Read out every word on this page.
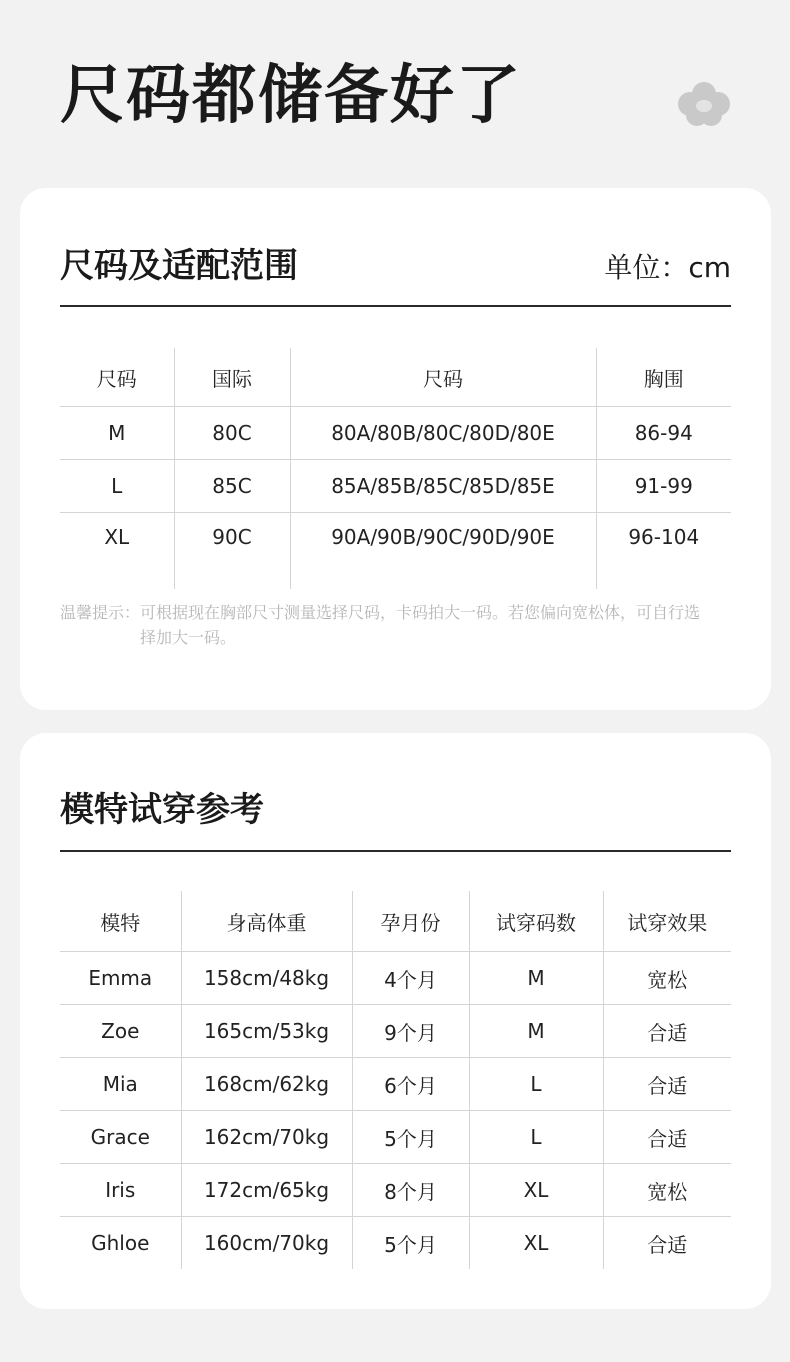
尺码都储备好了
尺码及适配范围	单位：cm
尺码	国际	尺码	胸围
M	80C	80A/80B/80C/80D/80E	86-94
L	85C	85A/85B/85C/85D/85E	91-99
XL	90C	90A/90B/90C/90D/90E	96-104
温馨提示：可根据现在胸部尺寸测量选择尺码，卡码拍大一码。若您偏向宽松体，可自行选择加大一码。
模特试穿参考
模特	身高体重	孕月份	试穿码数	试穿效果
Emma	158cm/48kg	4个月	M	宽松
Zoe	165cm/53kg	9个月	M	合适
Mia	168cm/62kg	6个月	L	合适
Grace	162cm/70kg	5个月	L	合适
Iris	172cm/65kg	8个月	XL	宽松
Ghloe	160cm/70kg	5个月	XL	合适
